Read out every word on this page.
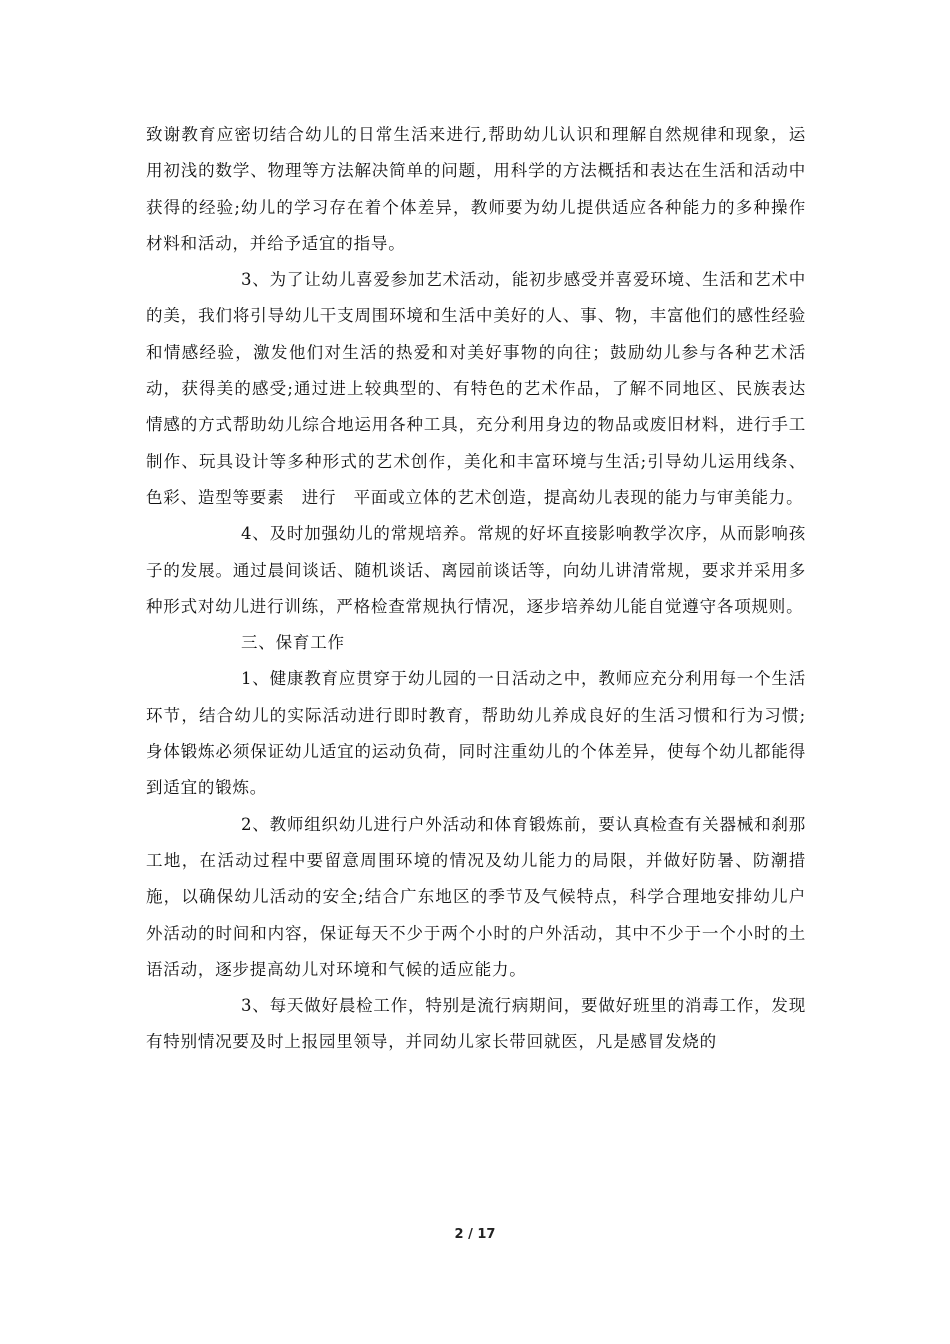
致谢教育应密切结合幼儿的日常生活来进行,帮助幼儿认识和理解自然规律和现象，运用初浅的数学、物理等方法解决简单的问题，用科学的方法概括和表达在生活和活动中获得的经验;幼儿的学习存在着个体差异，教师要为幼儿提供适应各种能力的多种操作材料和活动，并给予适宜的指导。

3、为了让幼儿喜爱参加艺术活动，能初步感受并喜爱环境、生活和艺术中的美，我们将引导幼儿干支周围环境和生活中美好的人、事、物，丰富他们的感性经验和情感经验，激发他们对生活的热爱和对美好事物的向往；鼓励幼儿参与各种艺术活动，获得美的感受;通过进上较典型的、有特色的艺术作品，了解不同地区、民族表达情感的方式帮助幼儿综合地运用各种工具，充分利用身边的物品或废旧材料，进行手工制作、玩具设计等多种形式的艺术创作，美化和丰富环境与生活;引导幼儿运用线条、色彩、造型等要素　进行　平面或立体的艺术创造，提高幼儿表现的能力与审美能力。

4、及时加强幼儿的常规培养。常规的好坏直接影响教学次序，从而影响孩子的发展。通过晨间谈话、随机谈话、离园前谈话等，向幼儿讲清常规，要求并采用多种形式对幼儿进行训练，严格检查常规执行情况，逐步培养幼儿能自觉遵守各项规则。

三、保育工作

1、健康教育应贯穿于幼儿园的一日活动之中，教师应充分利用每一个生活环节，结合幼儿的实际活动进行即时教育，帮助幼儿养成良好的生活习惯和行为习惯;身体锻炼必须保证幼儿适宜的运动负荷，同时注重幼儿的个体差异，使每个幼儿都能得到适宜的锻炼。

2、教师组织幼儿进行户外活动和体育锻炼前，要认真检查有关器械和刹那工地，在活动过程中要留意周围环境的情况及幼儿能力的局限，并做好防暑、防潮措施，以确保幼儿活动的安全;结合广东地区的季节及气候特点，科学合理地安排幼儿户外活动的时间和内容，保证每天不少于两个小时的户外活动，其中不少于一个小时的土语活动，逐步提高幼儿对环境和气候的适应能力。

3、每天做好晨检工作，特别是流行病期间，要做好班里的消毒工作，发现有特别情况要及时上报园里领导，并同幼儿家长带回就医，凡是感冒发烧的

2 / 17
